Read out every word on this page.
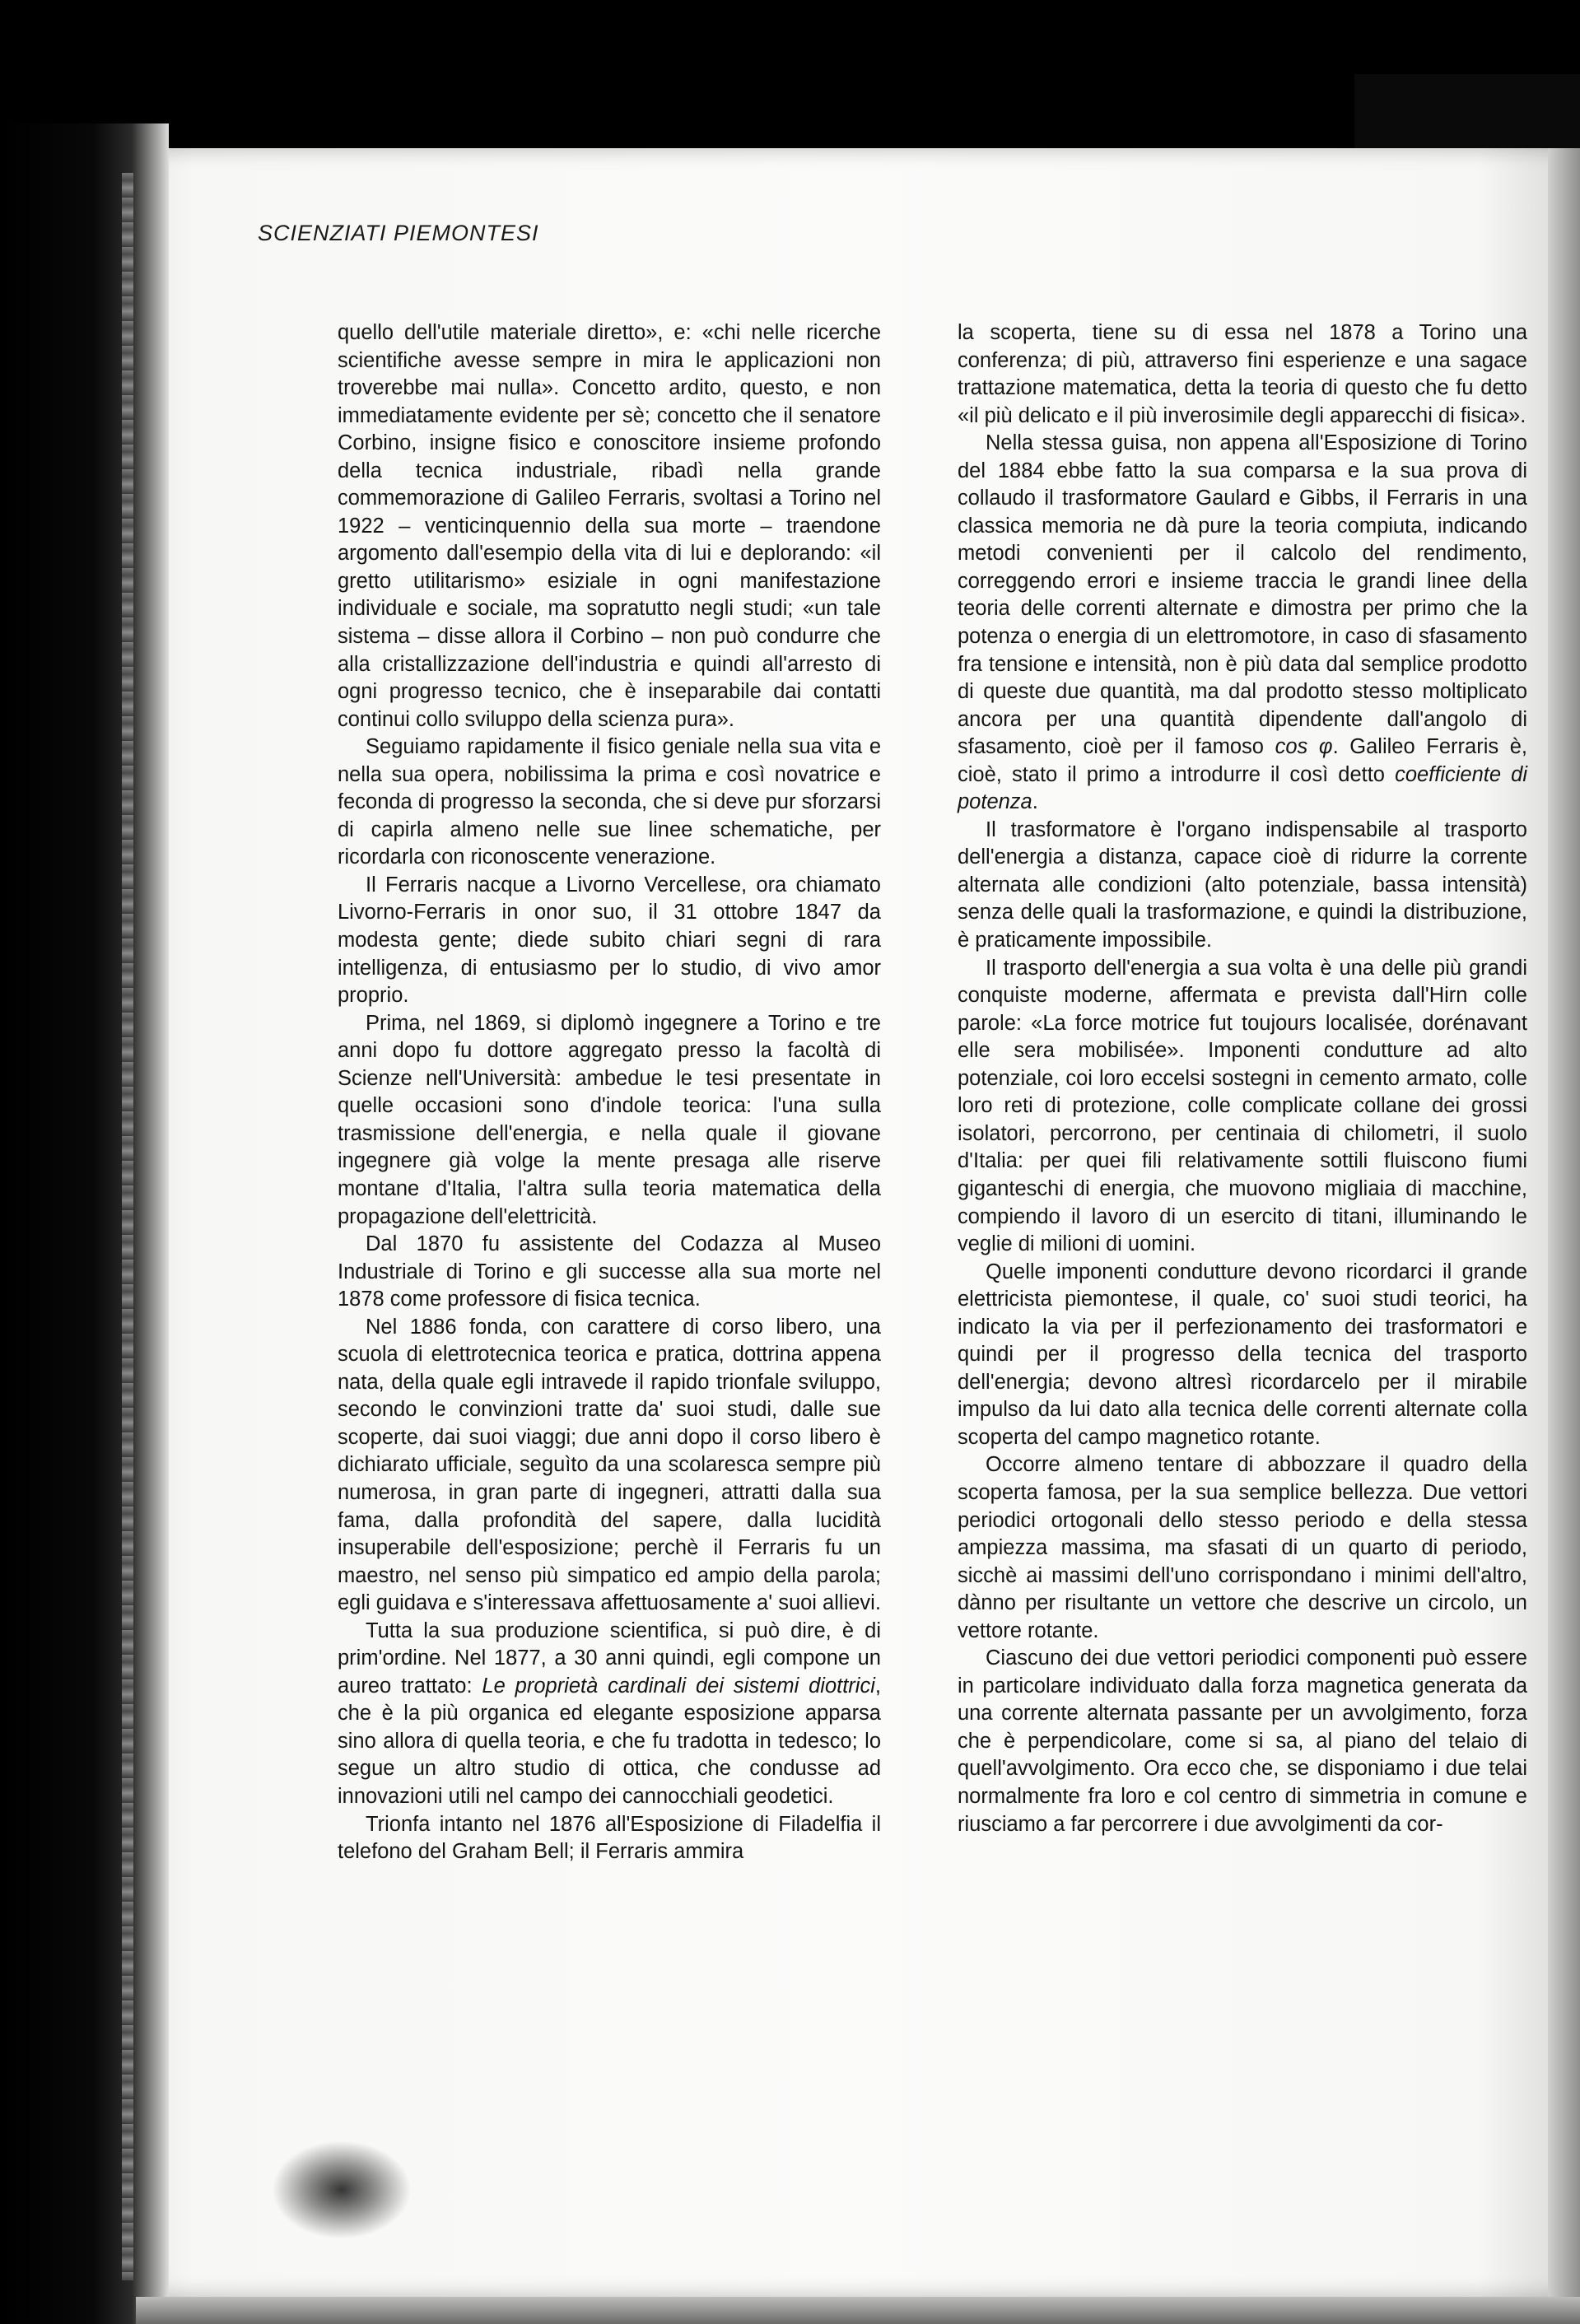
SCIENZIATI PIEMONTESI

quello dell'utile materiale diretto», e: «chi nelle ricerche scientifiche avesse sempre in mira le applicazioni non troverebbe mai nulla». Concetto ardito, questo, e non immediatamente evidente per sè; concetto che il senatore Corbino, insigne fisico e conoscitore insieme profondo della tecnica industriale, ribadì nella grande commemorazione di Galileo Ferraris, svoltasi a Torino nel 1922 – venticinquennio della sua morte – traendone argomento dall'esempio della vita di lui e deplorando: «il gretto utilitarismo» esiziale in ogni manifestazione individuale e sociale, ma sopratutto negli studi; «un tale sistema – disse allora il Corbino – non può condurre che alla cristallizzazione dell'industria e quindi all'arresto di ogni progresso tecnico, che è inseparabile dai contatti continui collo sviluppo della scienza pura».

Seguiamo rapidamente il fisico geniale nella sua vita e nella sua opera, nobilissima la prima e così novatrice e feconda di progresso la seconda, che si deve pur sforzarsi di capirla almeno nelle sue linee schematiche, per ricordarla con riconoscente venerazione.

Il Ferraris nacque a Livorno Vercellese, ora chiamato Livorno-Ferraris in onor suo, il 31 ottobre 1847 da modesta gente; diede subito chiari segni di rara intelligenza, di entusiasmo per lo studio, di vivo amor proprio.

Prima, nel 1869, si diplomò ingegnere a Torino e tre anni dopo fu dottore aggregato presso la facoltà di Scienze nell'Università: ambedue le tesi presentate in quelle occasioni sono d'indole teorica: l'una sulla trasmissione dell'energia, e nella quale il giovane ingegnere già volge la mente presaga alle riserve montane d'Italia, l'altra sulla teoria matematica della propagazione dell'elettricità.

Dal 1870 fu assistente del Codazza al Museo Industriale di Torino e gli successe alla sua morte nel 1878 come professore di fisica tecnica.

Nel 1886 fonda, con carattere di corso libero, una scuola di elettrotecnica teorica e pratica, dottrina appena nata, della quale egli intravede il rapido trionfale sviluppo, secondo le convinzioni tratte da' suoi studi, dalle sue scoperte, dai suoi viaggi; due anni dopo il corso libero è dichiarato ufficiale, seguìto da una scolaresca sempre più numerosa, in gran parte di ingegneri, attratti dalla sua fama, dalla profondità del sapere, dalla lucidità insuperabile dell'esposizione; perchè il Ferraris fu un maestro, nel senso più simpatico ed ampio della parola; egli guidava e s'interessava affettuosamente a' suoi allievi.

Tutta la sua produzione scientifica, si può dire, è di prim'ordine. Nel 1877, a 30 anni quindi, egli compone un aureo trattato: Le proprietà cardinali dei sistemi diottrici, che è la più organica ed elegante esposizione apparsa sino allora di quella teoria, e che fu tradotta in tedesco; lo segue un altro studio di ottica, che condusse ad innovazioni utili nel campo dei cannocchiali geodetici.

Trionfa intanto nel 1876 all'Esposizione di Filadelfia il telefono del Graham Bell; il Ferraris ammira

la scoperta, tiene su di essa nel 1878 a Torino una conferenza; di più, attraverso fini esperienze e una sagace trattazione matematica, detta la teoria di questo che fu detto «il più delicato e il più inverosimile degli apparecchi di fisica».

Nella stessa guisa, non appena all'Esposizione di Torino del 1884 ebbe fatto la sua comparsa e la sua prova di collaudo il trasformatore Gaulard e Gibbs, il Ferraris in una classica memoria ne dà pure la teoria compiuta, indicando metodi convenienti per il calcolo del rendimento, correggendo errori e insieme traccia le grandi linee della teoria delle correnti alternate e dimostra per primo che la potenza o energia di un elettromotore, in caso di sfasamento fra tensione e intensità, non è più data dal semplice prodotto di queste due quantità, ma dal prodotto stesso moltiplicato ancora per una quantità dipendente dall'angolo di sfasamento, cioè per il famoso cos φ. Galileo Ferraris è, cioè, stato il primo a introdurre il così detto coefficiente di potenza.

Il trasformatore è l'organo indispensabile al trasporto dell'energia a distanza, capace cioè di ridurre la corrente alternata alle condizioni (alto potenziale, bassa intensità) senza delle quali la trasformazione, e quindi la distribuzione, è praticamente impossibile.

Il trasporto dell'energia a sua volta è una delle più grandi conquiste moderne, affermata e prevista dall'Hirn colle parole: «La force motrice fut toujours localisée, dorénavant elle sera mobilisée». Imponenti condutture ad alto potenziale, coi loro eccelsi sostegni in cemento armato, colle loro reti di protezione, colle complicate collane dei grossi isolatori, percorrono, per centinaia di chilometri, il suolo d'Italia: per quei fili relativamente sottili fluiscono fiumi giganteschi di energia, che muovono migliaia di macchine, compiendo il lavoro di un esercito di titani, illuminando le veglie di milioni di uomini.

Quelle imponenti condutture devono ricordarci il grande elettricista piemontese, il quale, co' suoi studi teorici, ha indicato la via per il perfezionamento dei trasformatori e quindi per il progresso della tecnica del trasporto dell'energia; devono altresì ricordarcelo per il mirabile impulso da lui dato alla tecnica delle correnti alternate colla scoperta del campo magnetico rotante.

Occorre almeno tentare di abbozzare il quadro della scoperta famosa, per la sua semplice bellezza. Due vettori periodici ortogonali dello stesso periodo e della stessa ampiezza massima, ma sfasati di un quarto di periodo, sicchè ai massimi dell'uno corrispondano i minimi dell'altro, dànno per risultante un vettore che descrive un circolo, un vettore rotante.

Ciascuno dei due vettori periodici componenti può essere in particolare individuato dalla forza magnetica generata da una corrente alternata passante per un avvolgimento, forza che è perpendicolare, come si sa, al piano del telaio di quell'avvolgimento. Ora ecco che, se disponiamo i due telai normalmente fra loro e col centro di simmetria in comune e riusciamo a far percorrere i due avvolgimenti da cor-
